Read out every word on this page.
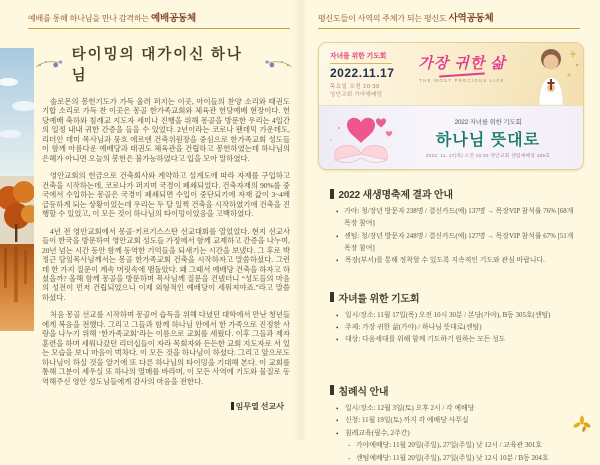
예배를 통해 하나님을 만나 감격하는 예배공동체
타이밍의 대가이신 하나님

솔로몬의 봉헌기도가 가득 울려 퍼지는 이곳, 아이들의 찬양 소리와 태권도 기합 소리로 가득 찬 이곳은 몽골 한가족교회와 체육관 헌당예배 현장이다. 헌당예배 축하와 침례교 지도자 세미나 진행을 위해 몽골을 방문한 우리는 4일간의 일정 내내 귀한 간증을 들을 수 있었다. 2년이라는 코로나 팬데믹 가운데도, 리더인 데미 목사님과 뭉흐 에르덴 건축위원장을 중심으로 한가족교회 성도들이 함께 아름다운 예배당과 태권도 체육관을 건립하고 봉헌하였는데 하나님의 은혜가 아니면 오늘의 봉헌은 불가능하였다고 입을 모아 말하였다.

영안교회의 헌금으로 건축회사와 계약하고 설계도에 따라 자재를 구입하고 건축을 시작하는데, 코로나가 퍼지며 국경이 폐쇄되었다. 건축자재의 90%를 중국에서 수입하는 몽골은 국경이 폐쇄되면 수입이 중단되기에 자재 값이 3~4배 급등하게 되는 상황이었는데 우리는 두 달 일찍 건축을 시작하였기에 건축을 진행할 수 있었고, 이 모든 것이 하나님의 타이밍이었음을 고백하였다.

4년 전 영안교회에서 몽골·키르기스스탄 선교대회를 열었었다. 현지 선교사들이 한국을 방문하여 영안교회 성도들 가정에서 함께 교제하고 간증을 나누며, 20년 넘는 시간 동안 함께 동역한 기억들을 되새기는 시간을 보냈다. 그 후로 박정근 담임목사님께서는 몽골 한가족교회 건축을 시작하자고 말씀하셨다. 그런데 한 가지 질문이 계속 머릿속에 맴돌았다. 왜 그때서 예배당 건축을 하자고 하셨을까? 올해 함께 몽골을 방문하며 목사님께 질문을 건넸더니 “성도들의 마음의 성전이 먼저 건립되었으니 이제 외형적인 예배당이 세워져야죠.”라고 말씀하셨다.

처음 몽골 선교를 시작하며 몽골어 습득을 위해 다녔던 대학에서 만난 청년들에게 복음을 전했다. 그리고 그들과 함께 하나님 안에서 한 가족으로 진정한 사랑을 나누기 위해 ‘한가족교회’라는 이름으로 교회를 세웠다. 이후 그들과 제자훈련을 하며 세워나갔던 리더십들이 자라 목회자와 든든한 교회 지도자로 서 있는 모습을 보니 마음이 벅차다. 이 모든 것을 하나님이 하셨다. 그리고 앞으로도 하나님이 하실 것을 알기에 또 다른 하나님의 타이밍을 기대해 본다. 이 교회를 통해 그분이 세우실 또 하나의 열매를 바라며, 이 모든 사역에 기도와 물질로 동역해주신 영안 성도님들에게 감사의 마음을 전한다.

임무열 선교사
평신도들이 사역의 주체가 되는 평신도 사역공동체
자녀를 위한 기도회
2022.11.17
목요일 오전 10:30
영안교회 가야예배당
가장 귀한 삶
THE MOST PRECIOUS LIFE
2022 자녀를 위한 기도회
하나님 뜻대로
2022. 11. 17(목) 오전 10:30 영안교회 센텀예배당 305호
2022 새생명축제 결과 안내
• 가야: 청/장년 방문자 238명 / 결신카드(예) 137명 → 목장VIP 참석률 76% [68개 목장 참여]
• 센텀: 청/장년 방문자 248명 / 결신카드(예) 127명 → 목장VIP 참석률 67% [51개 목장 참여]
• 목장(부서)를 통해 정착할 수 있도록 지속적인 기도와 관심 바랍니다.
자녀를 위한 기도회
• 일시/장소: 11월 17일(목) 오전 10시 30분 / 본당(가야), B동 305호(센텀)
• 주제: 가장 귀한 삶(가야) / 하나님 뜻대로(센텀)
• 대상: 다음세대를 위해 함께 기도하기 원하는 모든 성도
침례식 안내
• 일시/장소: 12월 3일(토) 오후 2시 / 각 예배당
• 신청: 11월 19일(토) 까지 각 예배당 사무실
• 침례교육(필수, 2주간)
- 가야예배당: 11월 20일(주일), 27일(주일) 낮 12시 / 교육관 301호
- 센텀예배당: 11월 20일(주일), 27일(주일) 낮 12시 10분 / B동 204호
